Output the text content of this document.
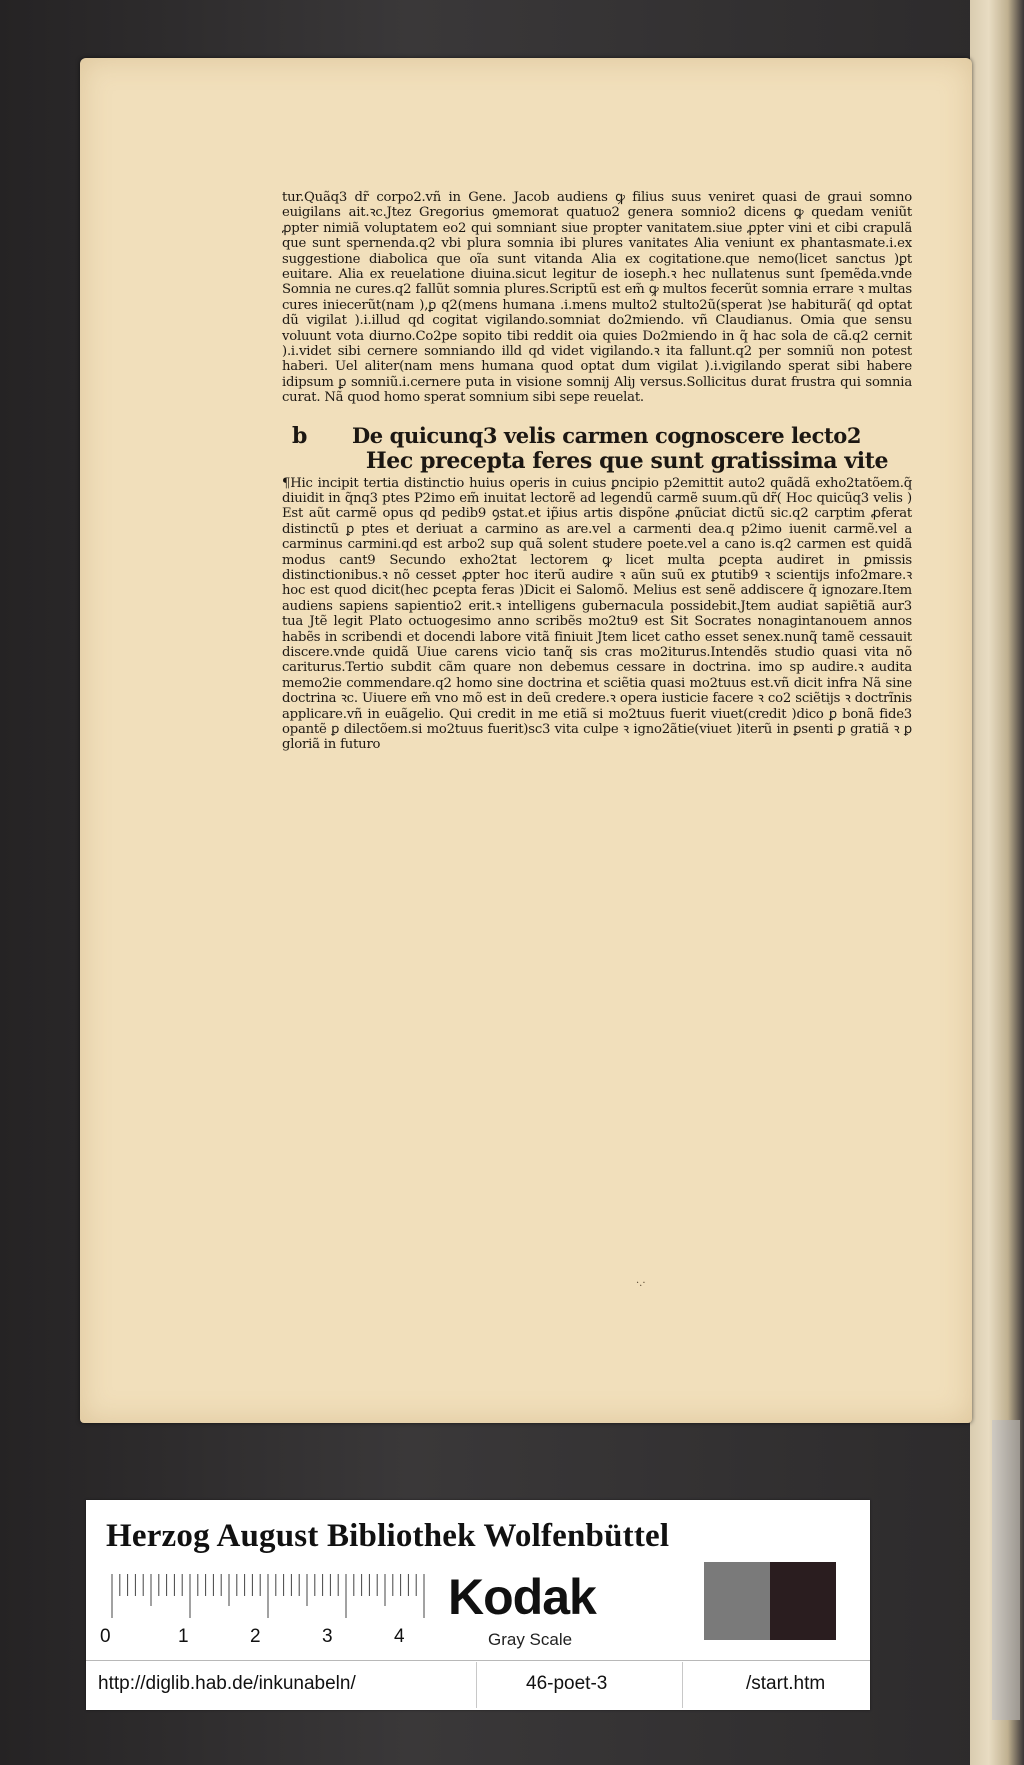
tur.Quãq3 dr̃ corpo2.vñ in Gene. Jacob audiens ꝙ filius suus veniret quasi de graui somno euigilans ait.ꝛc.Jtez Gregorius ꝯmemorat quatuo2 genera somnio2 dicens ꝙ quedam veniũt ꝓpter nimiã voluptatem eo2 qui somniant siue propter vanitatem.siue ꝓpter vini et cibi crapulã que sunt spernenda.q2 vbi plura somnia ibi plures vanitates Alia veniunt ex phantasmate.i.ex suggestione diabolica que oĩa sunt vitanda Alia ex cogitatione.que nemo(licet sanctus )ꝑt euitare. Alia ex reuelatione diuina.sicut legitur de ioseph.ꝛ hec nullatenus sunt ſpemẽda.vnde Somnia ne cures.q2 fallũt somnia plures.Scriptũ est em̃ ꝙ multos fecerũt somnia errare ꝛ multas cures iniecerũt(nam ),ꝑ q2(mens humana .i.mens multo2 stulto2ũ(sperat )se habiturã( qd optat dũ vigilat ).i.illud qd cogitat vigilando.somniat do2miendo. vñ Claudianus. Omia que sensu voluunt vota diurno.Co2pe sopito tibi reddit oia quies Do2miendo in q̃ hac sola de cã.q2 cernit ).i.videt sibi cernere somniando illd qd videt vigilando.ꝛ ita fallunt.q2 per somniũ non potest haberi. Uel aliter(nam mens humana quod optat dum vigilat ).i.vigilando sperat sibi habere idipsum ꝑ somniũ.i.cernere puta in visione somnij Aliȷ versus.Sollicitus durat frustra qui somnia curat. Nã quod homo sperat somnium sibi sepe reuelat.

b	De quicunq3 velis carmen cognoscere lecto2
Hec precepta feres que sunt gratissima vite

¶Hic incipit tertia distinctio huius operis in cuius ꝑncipio p2emittit auto2 quãdã exho2tatõem.q̃ diuidit in q̃nq3 ptes P2imo em̃ inuitat lectorẽ ad legendũ carmẽ suum.qũ dr̃( Hoc quicũq3 velis ) Est aũt carmẽ opus qd pedib9 ꝯstat.et ip̃ius artis dispõne ꝓnũciat dictũ sic.q2 carptim ꝓferat distinctũ ꝑ ptes et deriuat a carmino as are.vel a carmenti dea.q p2imo iuenit carmẽ.vel a carminus carmini.qd est arbo2 sup quã solent studere poete.vel a cano is.q2 carmen est quidã modus cant9 Secundo exho2tat lectorem ꝙ licet multa ꝑcepta audiret in ꝑmissis distinctionibus.ꝛ nõ cesset ꝓpter hoc iterũ audire ꝛ aũn suũ ex ꝑtutib9 ꝛ scientijs info2mare.ꝛ hoc est quod dicit(hec ꝑcepta feras )Dicit ei Salomõ. Melius est senẽ addiscere q̃ ignozare.Item audiens sapiens sapientio2 erit.ꝛ intelligens gubernacula possidebit.Jtem audiat sapiẽtiã aur3 tua Jtẽ legit Plato octuogesimo anno scribẽs mo2tu9 est Sit Socrates nonagintanouem annos habẽs in scribendi et docendi labore vitã finiuit Jtem licet catho esset senex.nunq̃ tamẽ cessauit discere.vnde quidã Uiue carens vicio tanq̃ sis cras mo2iturus.Intendẽs studio quasi vita nõ cariturus.Tertio subdit cãm quare non debemus cessare in doctrina. imo sp audire.ꝛ audita memo2ie commendare.q2 homo sine doctrina et sciẽtia quasi mo2tuus est.vñ dicit infra Nã sine doctrina ꝛc. Uiuere em̃ vno mõ est in deũ credere.ꝛ opera iusticie facere ꝛ co2 sciẽtijs ꝛ doctrĩnis applicare.vñ in euãgelio. Qui credit in me etiã si mo2tuus fuerit viuet(credit )dico ꝑ bonã fide3 opantẽ ꝑ dilectõem.si mo2tuus fuerit)sc3 vita culpe ꝛ igno2ãtie(viuet )iterũ in ꝑsenti ꝑ gratiã ꝛ ꝑ gloriã in futuro

·.·
Herzog August Bibliothek Wolfenbüttel
0	1	2	3	4
Kodak
Gray Scale
http://diglib.hab.de/inkunabeln/	46-poet-3	/start.htm
